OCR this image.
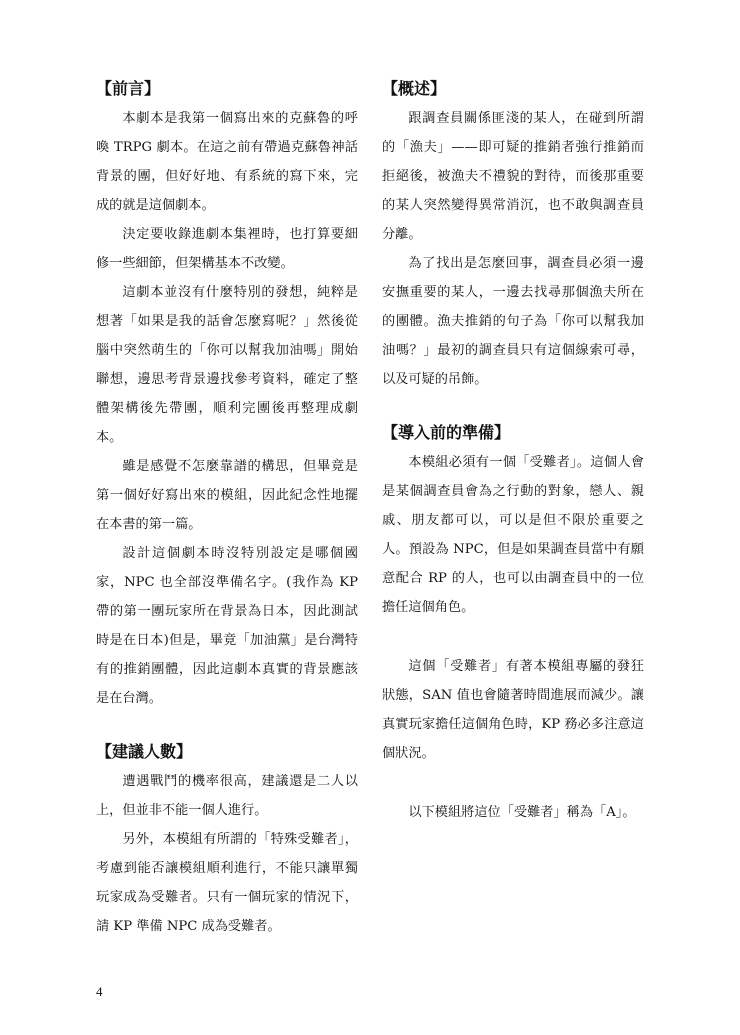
【前言】

本劇本是我第一個寫出來的克蘇魯的呼喚 TRPG 劇本。在這之前有帶過克蘇魯神話背景的團，但好好地、有系統的寫下來，完成的就是這個劇本。

決定要收錄進劇本集裡時，也打算要細修一些細節，但架構基本不改變。

這劇本並沒有什麼特別的發想，純粹是想著「如果是我的話會怎麼寫呢？」然後從腦中突然萌生的「你可以幫我加油嗎」開始聯想，邊思考背景邊找參考資料，確定了整體架構後先帶團，順利完團後再整理成劇本。

雖是感覺不怎麼靠譜的構思，但畢竟是第一個好好寫出來的模組，因此紀念性地擺在本書的第一篇。

設計這個劇本時沒特別設定是哪個國家，NPC 也全部沒準備名字。(我作為 KP 帶的第一團玩家所在背景為日本，因此測試時是在日本)但是，畢竟「加油黨」是台灣特有的推銷團體，因此這劇本真實的背景應該是在台灣。

【建議人數】

遭遇戰鬥的機率很高，建議還是二人以上，但並非不能一個人進行。

另外，本模組有所謂的「特殊受難者」，考慮到能否讓模組順利進行，不能只讓單獨玩家成為受難者。只有一個玩家的情況下，請 KP 準備 NPC 成為受難者。

【概述】

跟調查員關係匪淺的某人，在碰到所謂的「漁夫」——即可疑的推銷者強行推銷而拒絕後，被漁夫不禮貌的對待，而後那重要的某人突然變得異常消沉，也不敢與調查員分離。

為了找出是怎麼回事，調查員必須一邊安撫重要的某人，一邊去找尋那個漁夫所在的團體。漁夫推銷的句子為「你可以幫我加油嗎？」最初的調查員只有這個線索可尋，以及可疑的吊飾。

【導入前的準備】

本模組必須有一個「受難者」。這個人會是某個調查員會為之行動的對象，戀人、親戚、朋友都可以，可以是但不限於重要之人。預設為 NPC，但是如果調查員當中有願意配合 RP 的人，也可以由調查員中的一位擔任這個角色。

這個「受難者」有著本模組專屬的發狂狀態，SAN 值也會隨著時間進展而減少。讓真實玩家擔任這個角色時，KP 務必多注意這個狀況。

以下模組將這位「受難者」稱為「A」。

4
